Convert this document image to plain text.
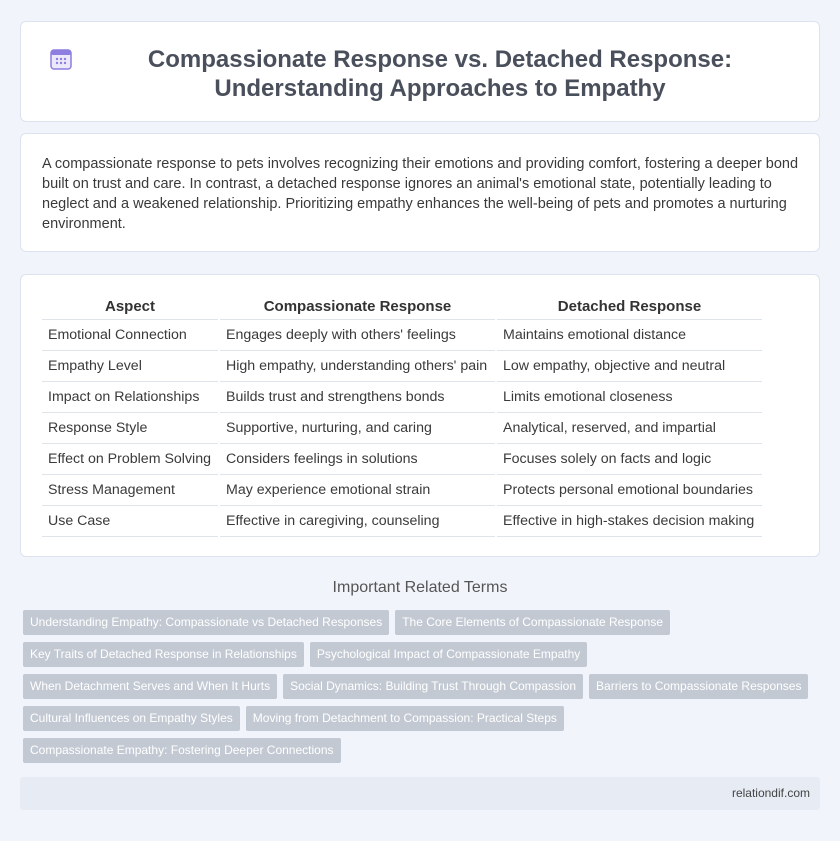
Compassionate Response vs. Detached Response: Understanding Approaches to Empathy

A compassionate response to pets involves recognizing their emotions and providing comfort, fostering a deeper bond built on trust and care. In contrast, a detached response ignores an animal's emotional state, potentially leading to neglect and a weakened relationship. Prioritizing empathy enhances the well-being of pets and promotes a nurturing environment.

Aspect	Compassionate Response	Detached Response
Emotional Connection	Engages deeply with others' feelings	Maintains emotional distance
Empathy Level	High empathy, understanding others' pain	Low empathy, objective and neutral
Impact on Relationships	Builds trust and strengthens bonds	Limits emotional closeness
Response Style	Supportive, nurturing, and caring	Analytical, reserved, and impartial
Effect on Problem Solving	Considers feelings in solutions	Focuses solely on facts and logic
Stress Management	May experience emotional strain	Protects personal emotional boundaries
Use Case	Effective in caregiving, counseling	Effective in high-stakes decision making
Important Related Terms
Understanding Empathy: Compassionate vs Detached Responses The Core Elements of Compassionate Response
Key Traits of Detached Response in Relationships Psychological Impact of Compassionate Empathy
When Detachment Serves and When It Hurts Social Dynamics: Building Trust Through Compassion Barriers to Compassionate Responses
Cultural Influences on Empathy Styles Moving from Detachment to Compassion: Practical Steps
Compassionate Empathy: Fostering Deeper Connections
relationdif.com
